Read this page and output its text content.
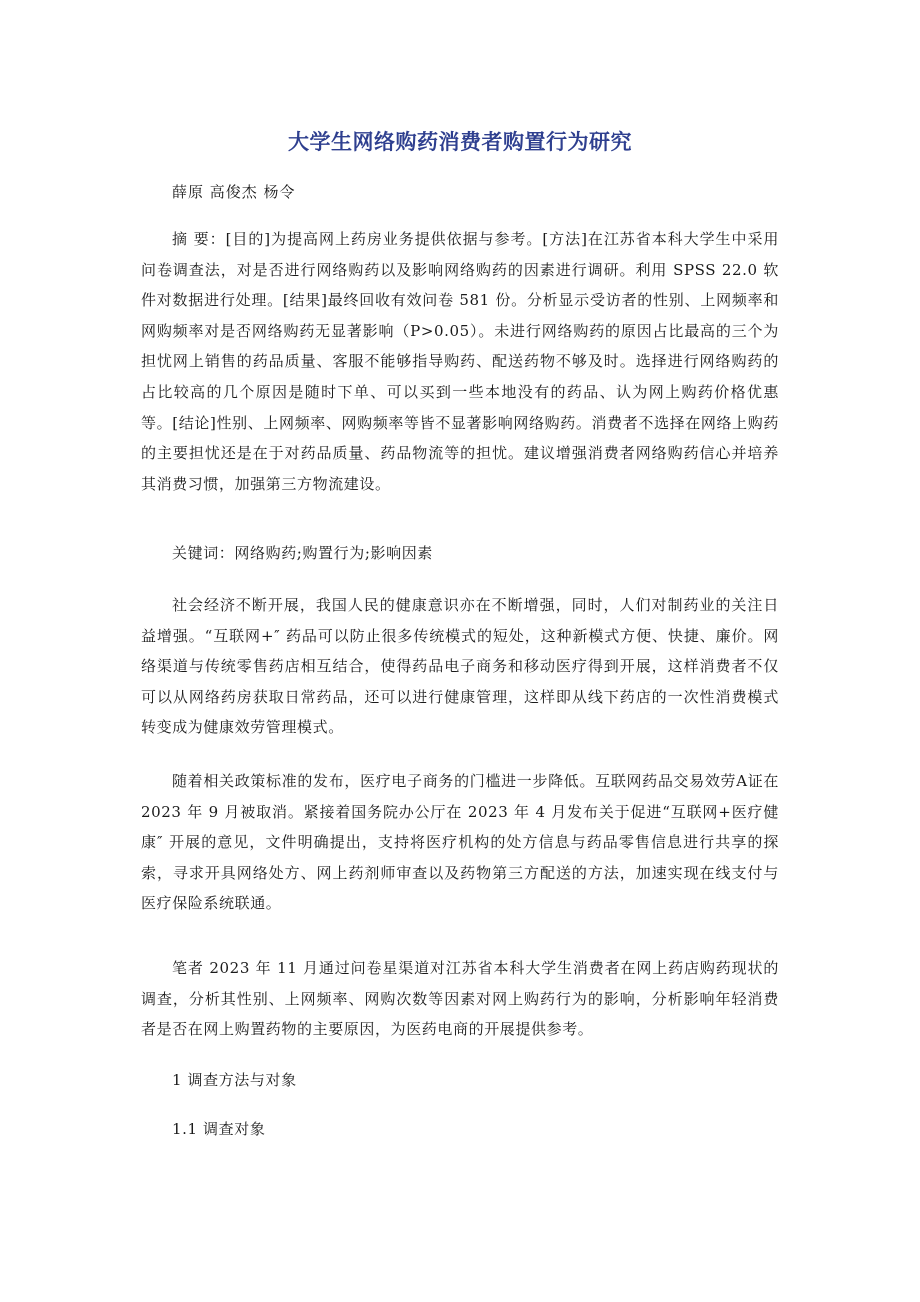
大学生网络购药消费者购置行为研究
薛原 高俊杰 杨令

摘 要：[目的]为提高网上药房业务提供依据与参考。[方法]在江苏省本科大学生中采用问卷调查法，对是否进行网络购药以及影响网络购药的因素进行调研。利用 SPSS 22.0 软件对数据进行处理。[结果]最终回收有效问卷 581 份。分析显示受访者的性别、上网频率和网购频率对是否网络购药无显著影响（P>0.05）。未进行网络购药的原因占比最高的三个为担忧网上销售的药品质量、客服不能够指导购药、配送药物不够及时。选择进行网络购药的占比较高的几个原因是随时下单、可以买到一些本地没有的药品、认为网上购药价格优惠等。[结论]性别、上网频率、网购频率等皆不显著影响网络购药。消费者不选择在网络上购药的主要担忧还是在于对药品质量、药品物流等的担忧。建议增强消费者网络购药信心并培养其消费习惯，加强第三方物流建设。

关键词：网络购药;购置行为;影响因素

社会经济不断开展，我国人民的健康意识亦在不断增强，同时，人们对制药业的关注日益增强。“互联网+″ 药品可以防止很多传统模式的短处，这种新模式方便、快捷、廉价。网络渠道与传统零售药店相互结合，使得药品电子商务和移动医疗得到开展，这样消费者不仅可以从网络药房获取日常药品，还可以进行健康管理，这样即从线下药店的一次性消费模式转变成为健康效劳管理模式。

随着相关政策标准的发布，医疗电子商务的门槛进一步降低。互联网药品交易效劳A证在 2023 年 9 月被取消。紧接着国务院办公厅在 2023 年 4 月发布关于促进“互联网+医疗健康″ 开展的意见，文件明确提出，支持将医疗机构的处方信息与药品零售信息进行共享的探索，寻求开具网络处方、网上药剂师审查以及药物第三方配送的方法，加速实现在线支付与医疗保险系统联通。

笔者 2023 年 11 月通过问卷星渠道对江苏省本科大学生消费者在网上药店购药现状的调查，分析其性别、上网频率、网购次数等因素对网上购药行为的影响，分析影响年轻消费者是否在网上购置药物的主要原因，为医药电商的开展提供参考。

1 调查方法与对象
1.1 调查对象
